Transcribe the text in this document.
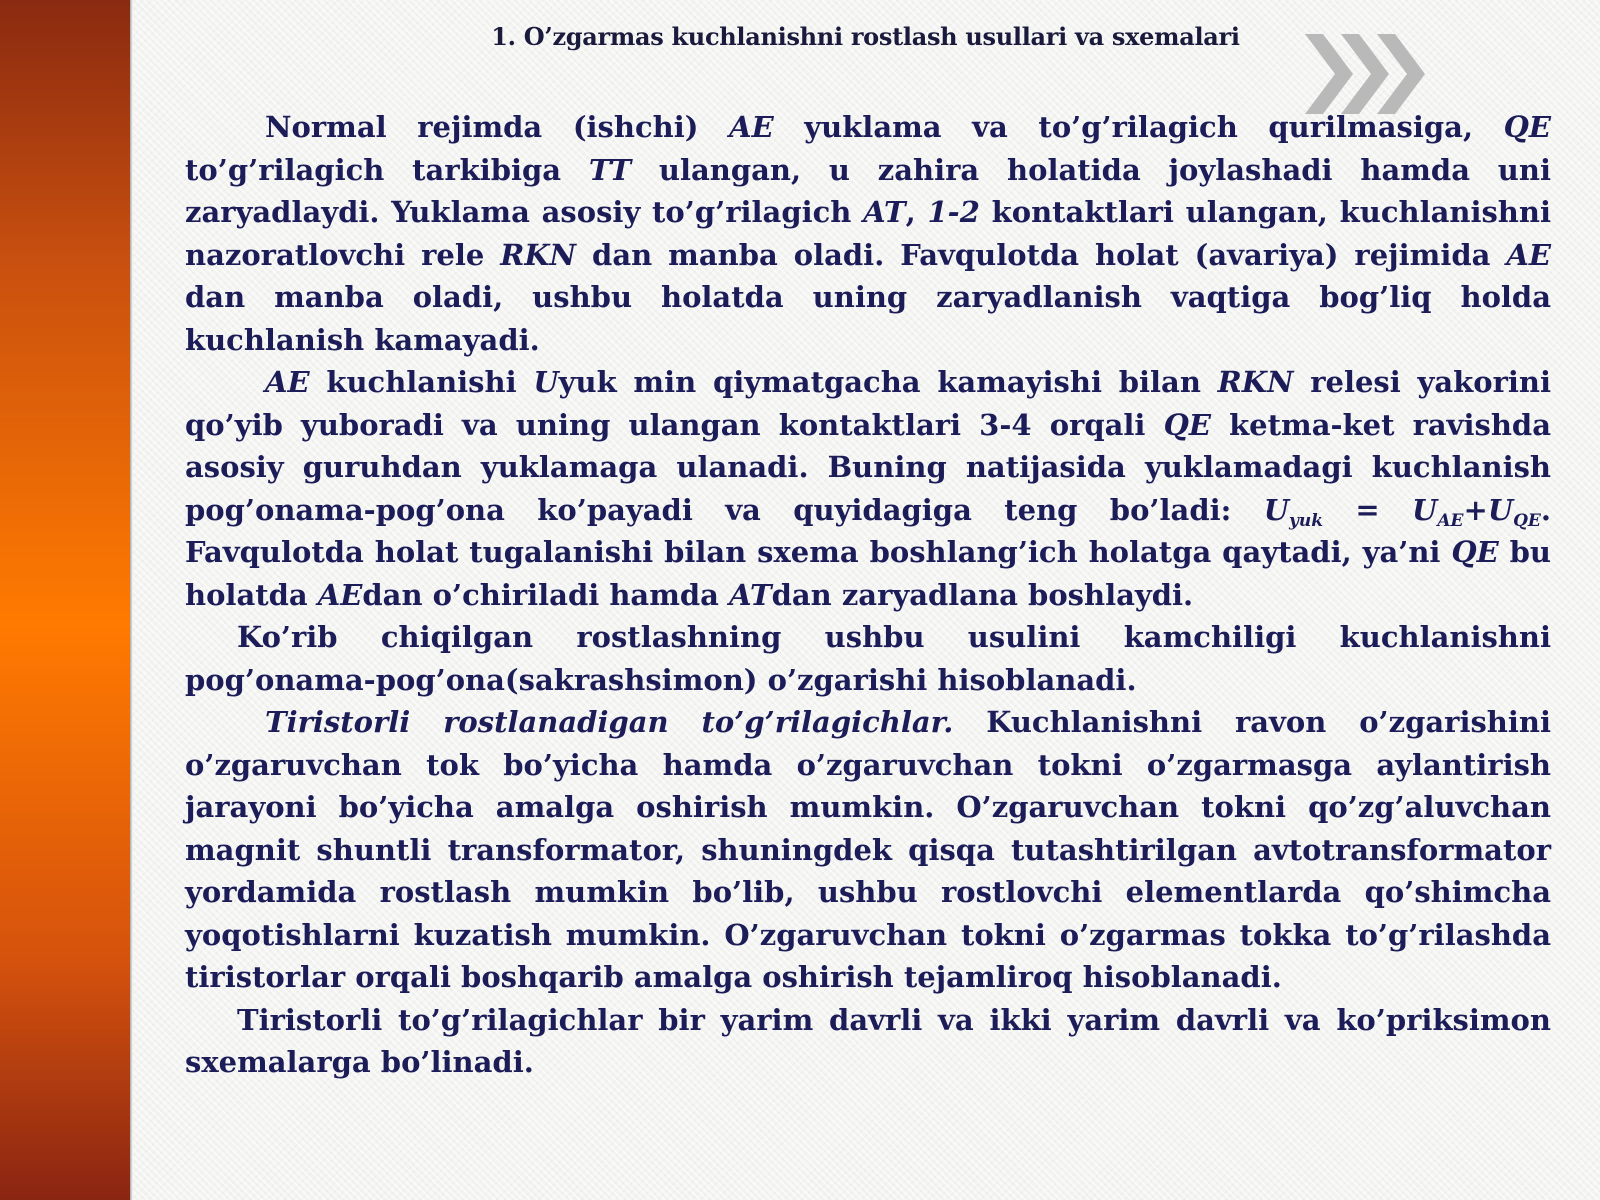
1. O’zgarmas kuchlanishni rostlash usullari va sxemalari

Normal rejimda (ishchi) AE yuklama va to’g’rilagich qurilmasiga, QE to’g’rilagich tarkibiga TT ulangan, u zahira holatida joylashadi hamda uni zaryadlaydi. Yuklama asosiy to’g’rilagich AT, 1-2 kontaktlari ulangan, kuchlanishni nazoratlovchi rele RKN dan manba oladi. Favqulotda holat (avariya) rejimida AE dan manba oladi, ushbu holatda uning zaryadlanish vaqtiga bog’liq holda kuchlanish kamayadi.

AE kuchlanishi Uyuk min qiymatgacha kamayishi bilan RKN relesi yakorini qo’yib yuboradi va uning ulangan kontaktlari 3-4 orqali QE ketma-ket ravishda asosiy guruhdan yuklamaga ulanadi. Buning natijasida yuklamadagi kuchlanish pog’onama-pog’ona ko’payadi va quyidagiga teng bo’ladi: $U_{yuk} = U_{AE}+U_{QE}$. Favqulotda holat tugalanishi bilan sxema boshlang’ich holatga qaytadi, ya’ni QE bu holatda AEdan o’chiriladi hamda ATdan zaryadlana boshlaydi.

Ko’rib chiqilgan rostlashning ushbu usulini kamchiligi kuchlanishni pog’onama-pog’ona(sakrashsimon) o’zgarishi hisoblanadi.

Tiristorli rostlanadigan to’g’rilagichlar. Kuchlanishni ravon o’zgarishini o’zgaruvchan tok bo’yicha hamda o’zgaruvchan tokni o’zgarmasga aylantirish jarayoni bo’yicha amalga oshirish mumkin. O’zgaruvchan tokni qo’zg’aluvchan magnit shuntli transformator, shuningdek qisqa tutashtirilgan avtotransformator yordamida rostlash mumkin bo’lib, ushbu rostlovchi elementlarda qo’shimcha yoqotishlarni kuzatish mumkin. O’zgaruvchan tokni o’zgarmas tokka to’g’rilashda tiristorlar orqali boshqarib amalga oshirish tejamliroq hisoblanadi.

Tiristorli to’g’rilagichlar bir yarim davrli va ikki yarim davrli va ko’priksimon sxemalarga bo’linadi.
